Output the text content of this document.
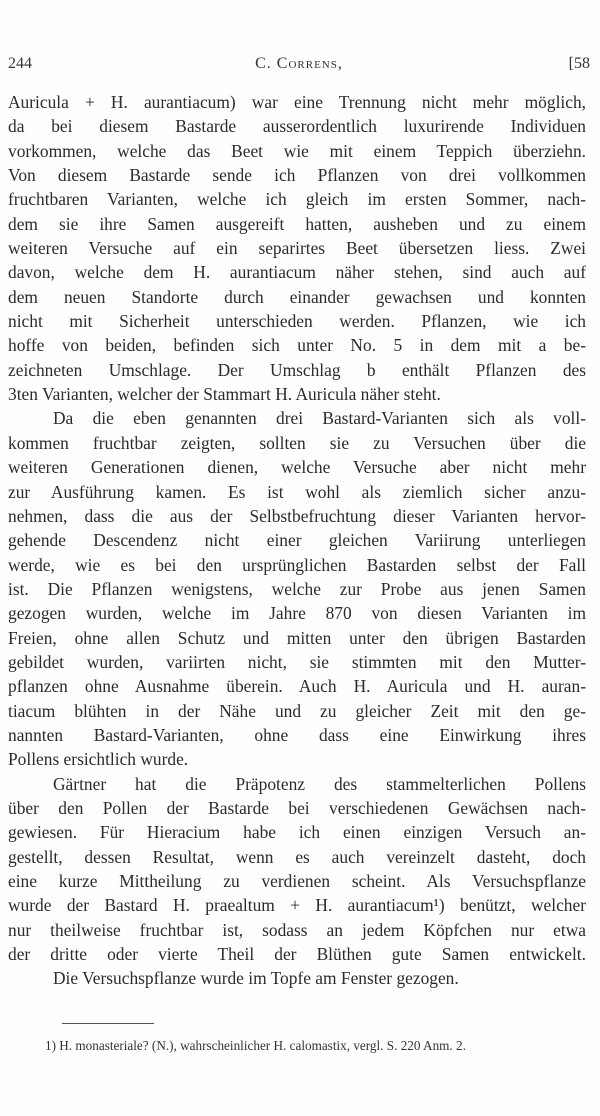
244	C. Correns,	[58
Auricula + H. aurantiacum) war eine Trennung nicht mehr möglich,
da bei diesem Bastarde ausserordentlich luxurirende Individuen
vorkommen, welche das Beet wie mit einem Teppich überziehn.
Von diesem Bastarde sende ich Pflanzen von drei vollkommen
fruchtbaren Varianten, welche ich gleich im ersten Sommer, nach-
dem sie ihre Samen ausgereift hatten, ausheben und zu einem
weiteren Versuche auf ein separirtes Beet übersetzen liess. Zwei
davon, welche dem H. aurantiacum näher stehen, sind auch auf
dem neuen Standorte durch einander gewachsen und konnten
nicht mit Sicherheit unterschieden werden. Pflanzen, wie ich
hoffe von beiden, befinden sich unter No. 5 in dem mit a be-
zeichneten Umschlage. Der Umschlag b enthält Pflanzen des
3ten Varianten, welcher der Stammart H. Auricula näher steht.
Da die eben genannten drei Bastard-Varianten sich als voll-
kommen fruchtbar zeigten, sollten sie zu Versuchen über die
weiteren Generationen dienen, welche Versuche aber nicht mehr
zur Ausführung kamen. Es ist wohl als ziemlich sicher anzu-
nehmen, dass die aus der Selbstbefruchtung dieser Varianten hervor-
gehende Descendenz nicht einer gleichen Variirung unterliegen
werde, wie es bei den ursprünglichen Bastarden selbst der Fall
ist. Die Pflanzen wenigstens, welche zur Probe aus jenen Samen
gezogen wurden, welche im Jahre 870 von diesen Varianten im
Freien, ohne allen Schutz und mitten unter den übrigen Bastarden
gebildet wurden, variirten nicht, sie stimmten mit den Mutter-
pflanzen ohne Ausnahme überein. Auch H. Auricula und H. auran-
tiacum blühten in der Nähe und zu gleicher Zeit mit den ge-
nannten Bastard-Varianten, ohne dass eine Einwirkung ihres
Pollens ersichtlich wurde.
Gärtner hat die Präpotenz des stammelterlichen Pollens
über den Pollen der Bastarde bei verschiedenen Gewächsen nach-
gewiesen. Für Hieracium habe ich einen einzigen Versuch an-
gestellt, dessen Resultat, wenn es auch vereinzelt dasteht, doch
eine kurze Mittheilung zu verdienen scheint. Als Versuchspflanze
wurde der Bastard H. praealtum + H. aurantiacum¹) benützt, welcher
nur theilweise fruchtbar ist, sodass an jedem Köpfchen nur etwa
der dritte oder vierte Theil der Blüthen gute Samen entwickelt.
Die Versuchspflanze wurde im Topfe am Fenster gezogen.
1) H. monasteriale? (N.), wahrscheinlicher H. calomastix, vergl. S. 220 Anm. 2.
